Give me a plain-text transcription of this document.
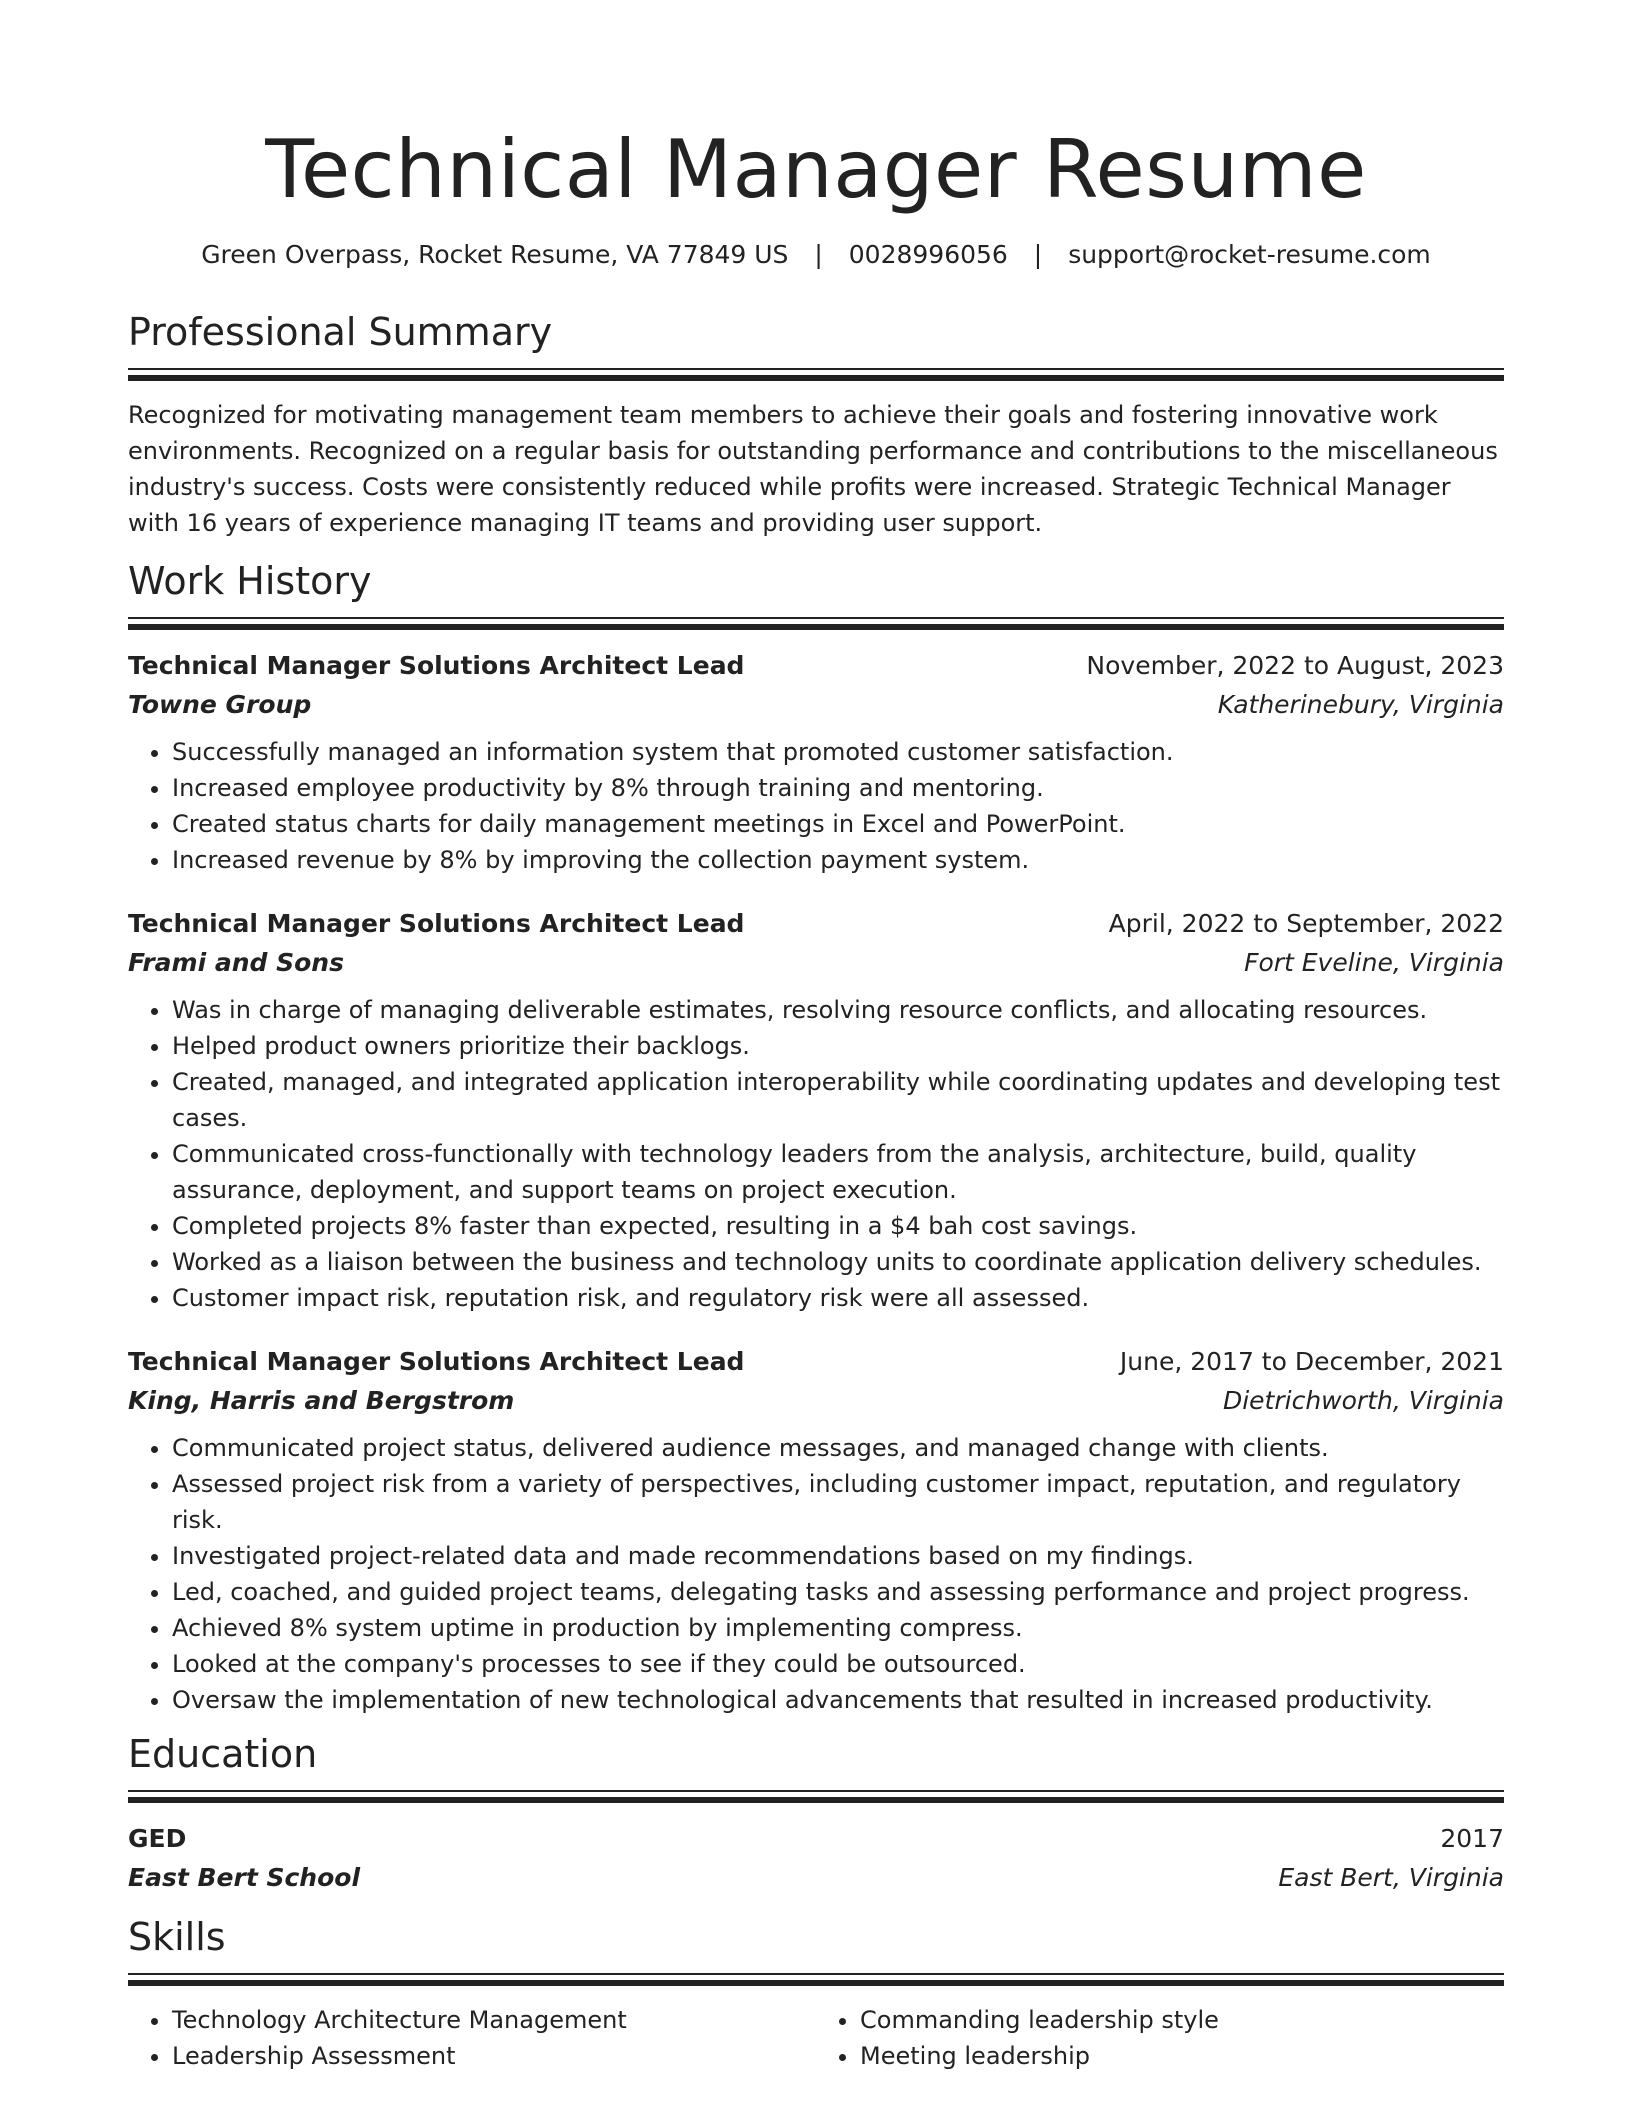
Technical Manager Resume
Green Overpass, Rocket Resume, VA 77849 US | 0028996056 | support@rocket-resume.com
Professional Summary

Recognized for motivating management team members to achieve their goals and fostering innovative work environments. Recognized on a regular basis for outstanding performance and contributions to the miscellaneous industry's success. Costs were consistently reduced while profits were increased. Strategic Technical Manager with 16 years of experience managing IT teams and providing user support.

Work History
Technical Manager Solutions Architect Lead	November, 2022 to August, 2023
Towne Group	Katherinebury, Virginia
• Successfully managed an information system that promoted customer satisfaction.
• Increased employee productivity by 8% through training and mentoring.
• Created status charts for daily management meetings in Excel and PowerPoint.
• Increased revenue by 8% by improving the collection payment system.
Technical Manager Solutions Architect Lead	April, 2022 to September, 2022
Frami and Sons	Fort Eveline, Virginia
• Was in charge of managing deliverable estimates, resolving resource conflicts, and allocating resources.
• Helped product owners prioritize their backlogs.
• Created, managed, and integrated application interoperability while coordinating updates and developing test cases.
• Communicated cross-functionally with technology leaders from the analysis, architecture, build, quality assurance, deployment, and support teams on project execution.
• Completed projects 8% faster than expected, resulting in a $4 bah cost savings.
• Worked as a liaison between the business and technology units to coordinate application delivery schedules.
• Customer impact risk, reputation risk, and regulatory risk were all assessed.
Technical Manager Solutions Architect Lead	June, 2017 to December, 2021
King, Harris and Bergstrom	Dietrichworth, Virginia
• Communicated project status, delivered audience messages, and managed change with clients.
• Assessed project risk from a variety of perspectives, including customer impact, reputation, and regulatory risk.
• Investigated project-related data and made recommendations based on my findings.
• Led, coached, and guided project teams, delegating tasks and assessing performance and project progress.
• Achieved 8% system uptime in production by implementing compress.
• Looked at the company's processes to see if they could be outsourced.
• Oversaw the implementation of new technological advancements that resulted in increased productivity.
Education
GED	2017
East Bert School	East Bert, Virginia
Skills
• Technology Architecture Management
• Leadership Assessment
• Commanding leadership style
• Meeting leadership
